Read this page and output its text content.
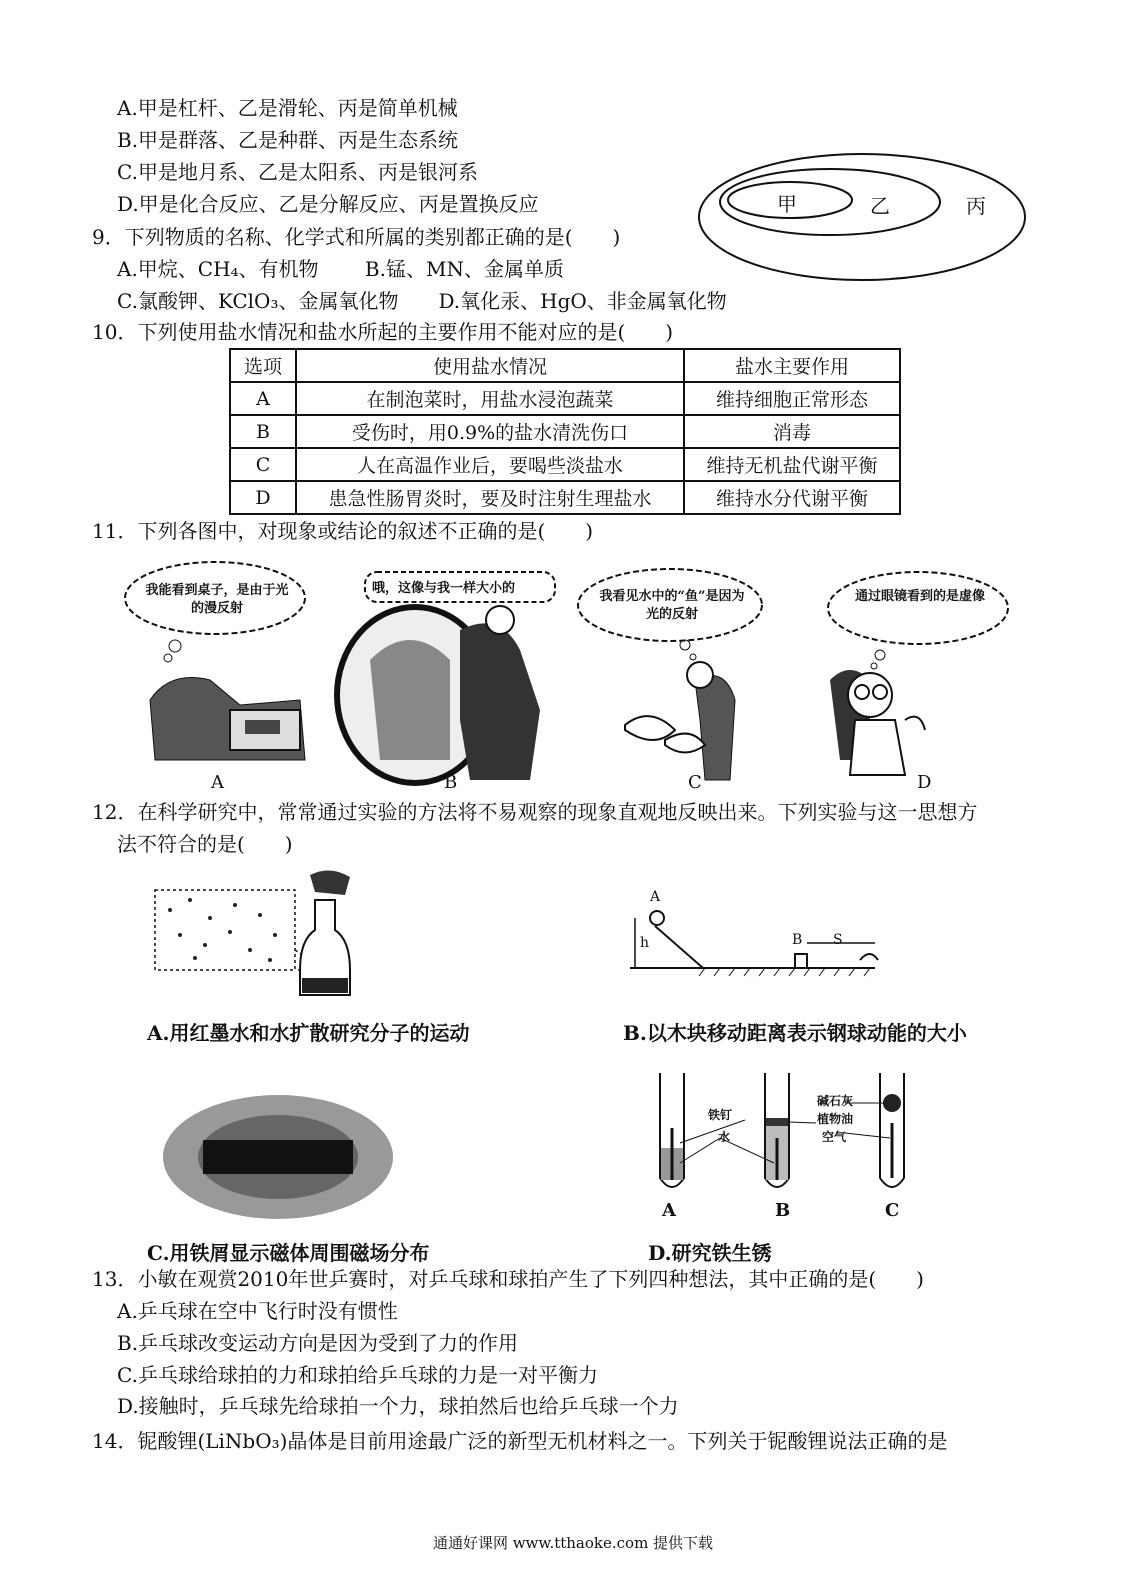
A.甲是杠杆、乙是滑轮、丙是简单机械
B.甲是群落、乙是种群、丙是生态系统
C.甲是地月系、乙是太阳系、丙是银河系
D.甲是化合反应、乙是分解反应、丙是置换反应	甲	乙	丙
9．下列物质的名称、化学式和所属的类别都正确的是(　　)
A.甲烷、CH₄、有机物　　 B.锰、MN、金属单质
C.氯酸钾、KClO₃、金属氧化物　　D.氧化汞、HgO、非金属氧化物
10．下列使用盐水情况和盐水所起的主要作用不能对应的是(　　)
选项	使用盐水情况	盐水主要作用
A	在制泡菜时，用盐水浸泡蔬菜	维持细胞正常形态
B	受伤时，用0.9%的盐水清洗伤口	消毒
C	人在高温作业后，要喝些淡盐水	维持无机盐代谢平衡
D	患急性肠胃炎时，要及时注射生理盐水	维持水分代谢平衡
11．下列各图中，对现象或结论的叙述不正确的是(　　)
我能看到桌子，是由于光的漫反射
哦，这像与我一样大小的
我看见水中的“鱼”是因为光的反射
通过眼镜看到的是虚像
A	B	C	D
12．在科学研究中，常常通过实验的方法将不易观察的现象直观地反映出来。下列实验与这一思想方
法不符合的是(　　)
A.用红墨水和水扩散研究分子的运动
A
h	B S
B.以木块移动距离表示钢球动能的大小
C.用铁屑显示磁体周围磁场分布
铁钉
水
碱石灰
植物油
空气
A	B	C
D.研究铁生锈
13．小敏在观赏2010年世乒赛时，对乒乓球和球拍产生了下列四种想法，其中正确的是(　　)
A.乒乓球在空中飞行时没有惯性
B.乒乓球改变运动方向是因为受到了力的作用
C.乒乓球给球拍的力和球拍给乒乓球的力是一对平衡力
D.接触时，乒乓球先给球拍一个力，球拍然后也给乒乓球一个力
14．铌酸锂(LiNbO₃)晶体是目前用途最广泛的新型无机材料之一。下列关于铌酸锂说法正确的是
通通好课网 www.tthaoke.com 提供下载
